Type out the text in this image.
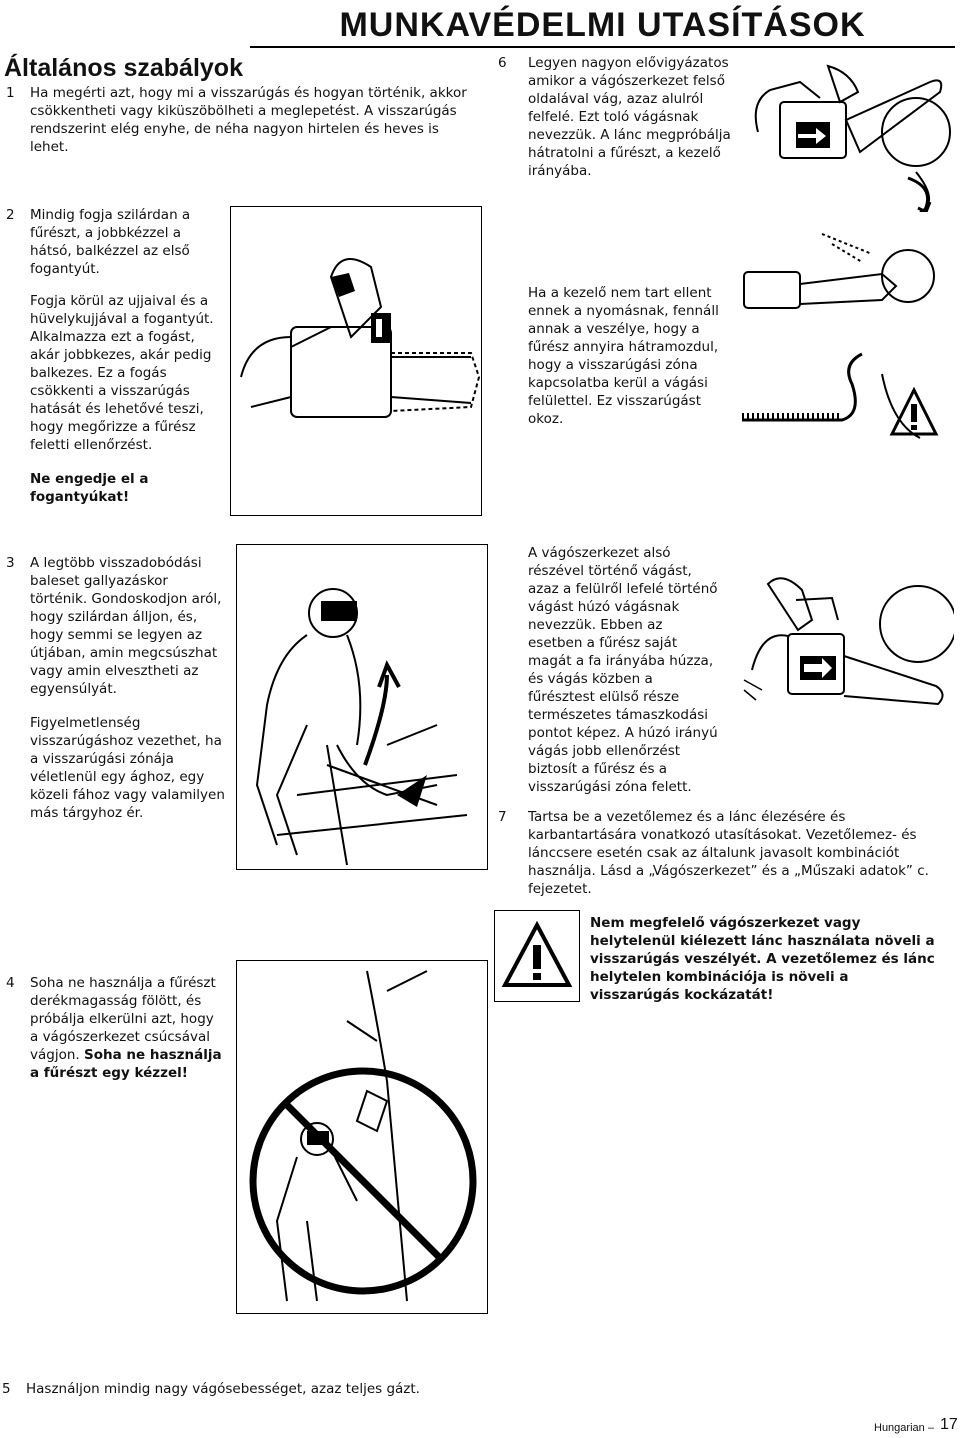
MUNKAVÉDELMI UTASÍTÁSOK
Általános szabályok
1 Ha megérti azt, hogy mi a visszarúgás és hogyan történik, akkor csökkentheti vagy kiküszöbölheti a meglepetést. A visszarúgás rendszerint elég enyhe, de néha nagyon hirtelen és heves is lehet.
6 Legyen nagyon elővigyázatos amikor a vágószerkezet felső oldalával vág, azaz alulról felfelé. Ezt toló vágásnak nevezzük. A lánc megpróbálja hátratolni a fűrészt, a kezelő irányába.
2 Mindig fogja szilárdan a fűrészt, a jobbkézzel a hátsó, balkézzel az első fogantyút.
Fogja körül az ujjaival és a hüvelykujjával a fogantyút. Alkalmazza ezt a fogást, akár jobbkezes, akár pedig balkezes. Ez a fogás csökkenti a visszarúgás hatását és lehetővé teszi, hogy megőrizze a fűrész feletti ellenőrzést.
Ne engedje el a fogantyúkat!
Ha a kezelő nem tart ellent ennek a nyomásnak, fennáll annak a veszélye, hogy a fűrész annyira hátramozdul, hogy a visszarúgási zóna kapcsolatba kerül a vágási felülettel. Ez visszarúgást okoz.
3 A legtöbb visszadobódási baleset gallyazáskor történik. Gondoskodjon aról, hogy szilárdan álljon, és, hogy semmi se legyen az útjában, amin megcsúszhat vagy amin elvesztheti az egyensúlyát.
Figyelmetlenség visszarúgáshoz vezethet, ha a visszarúgási zónája véletlenül egy ághoz, egy közeli fához vagy valamilyen más tárgyhoz ér.
A vágószerkezet alsó részével történő vágást, azaz a felülről lefelé történő vágást húzó vágásnak nevezzük. Ebben az esetben a fűrész saját magát a fa irányába húzza, és vágás közben a fűrésztest elülső része természetes támaszkodási pontot képez. A húzó irányú vágás jobb ellenőrzést biztosít a fűrész és a visszarúgási zóna felett.
7 Tartsa be a vezetőlemez és a lánc élezésére és karbantartására vonatkozó utasításokat. Vezetőlemez- és lánccsere esetén csak az általunk javasolt kombinációt használja. Lásd a „Vágószerkezet” és a „Műszaki adatok” c. fejezetet.
Nem megfelelő vágószerkezet vagy helytelenül kiélezett lánc használata növeli a visszarúgás veszélyét. A vezetőlemez és lánc helytelen kombinációja is növeli a visszarúgás kockázatát!
4 Soha ne használja a fűrészt derékmagasság fölött, és próbálja elkerülni azt, hogy a vágószerkezet csúcsával vágjon. Soha ne használja a fűrészt egy kézzel!
5 Használjon mindig nagy vágósebességet, azaz teljes gázt.
Hungarian – 17
